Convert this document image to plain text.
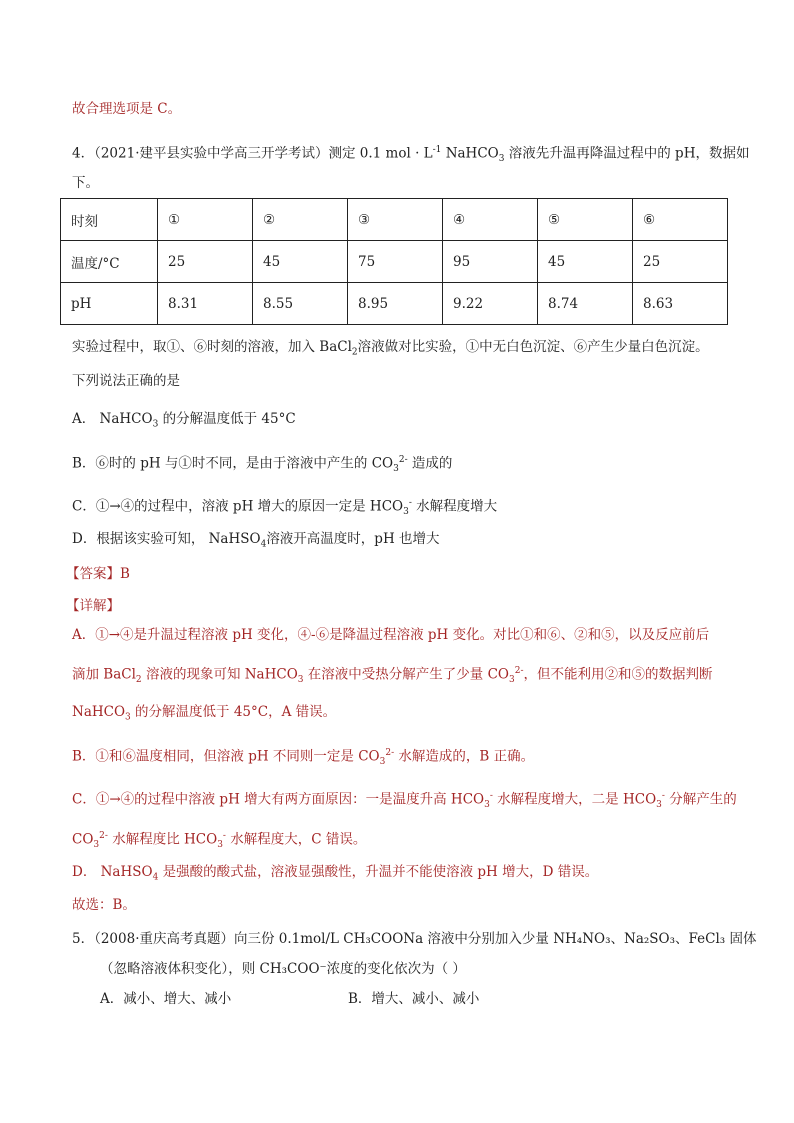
故合理选项是 C。
4．（2021·建平县实验中学高三开学考试）测定 0.1 mol · $L^{-1}$ NaHCO$_3$ 溶液先升温再降温过程中的 pH，数据如
下。
时刻	①	②	③	④	⑤	⑥
温度/°C	25	45	75	95	45	25
pH	8.31	8.55	8.95	9.22	8.74	8.63
实验过程中，取①、⑥时刻的溶液，加入 BaCl$_2$溶液做对比实验，①中无白色沉淀、⑥产生少量白色沉淀。
下列说法正确的是
A． NaHCO$_3$ 的分解温度低于 45°C
B．⑥时的 pH 与①时不同，是由于溶液中产生的 $CO_3^{2-}$ 造成的
C．①→④的过程中，溶液 pH 增大的原因一定是 $HCO_3^-$ 水解程度增大
D．根据该实验可知， NaHSO$_4$溶液开高温度时，pH 也增大
【答案】B
【详解】
A．①→④是升温过程溶液 pH 变化，④-⑥是降温过程溶液 pH 变化。对比①和⑥、②和⑤，以及反应前后
滴加 BaCl$_2$ 溶液的现象可知 NaHCO$_3$ 在溶液中受热分解产生了少量 $CO_3^{2-}$，但不能利用②和⑤的数据判断
NaHCO$_3$ 的分解温度低于 45°C，A 错误。
B．①和⑥温度相同，但溶液 pH 不同则一定是 $CO_3^{2-}$ 水解造成的，B 正确。
C．①→④的过程中溶液 pH 增大有两方面原因：一是温度升高 $HCO_3^-$ 水解程度增大，二是 $HCO_3^-$ 分解产生的
$CO_3^{2-}$ 水解程度比 $HCO_3^-$ 水解程度大，C 错误。
D． NaHSO$_4$ 是强酸的酸式盐，溶液显强酸性，升温并不能使溶液 pH 增大，D 错误。
故选：B。
5．（2008·重庆高考真题）向三份 0.1mol/L CH₃COONa 溶液中分别加入少量 NH₄NO₃、Na₂SO₃、FeCl₃ 固体
（忽略溶液体积变化），则 CH₃COO⁻浓度的变化依次为（ ）
A．减小、增大、减小	B．增大、减小、减小
